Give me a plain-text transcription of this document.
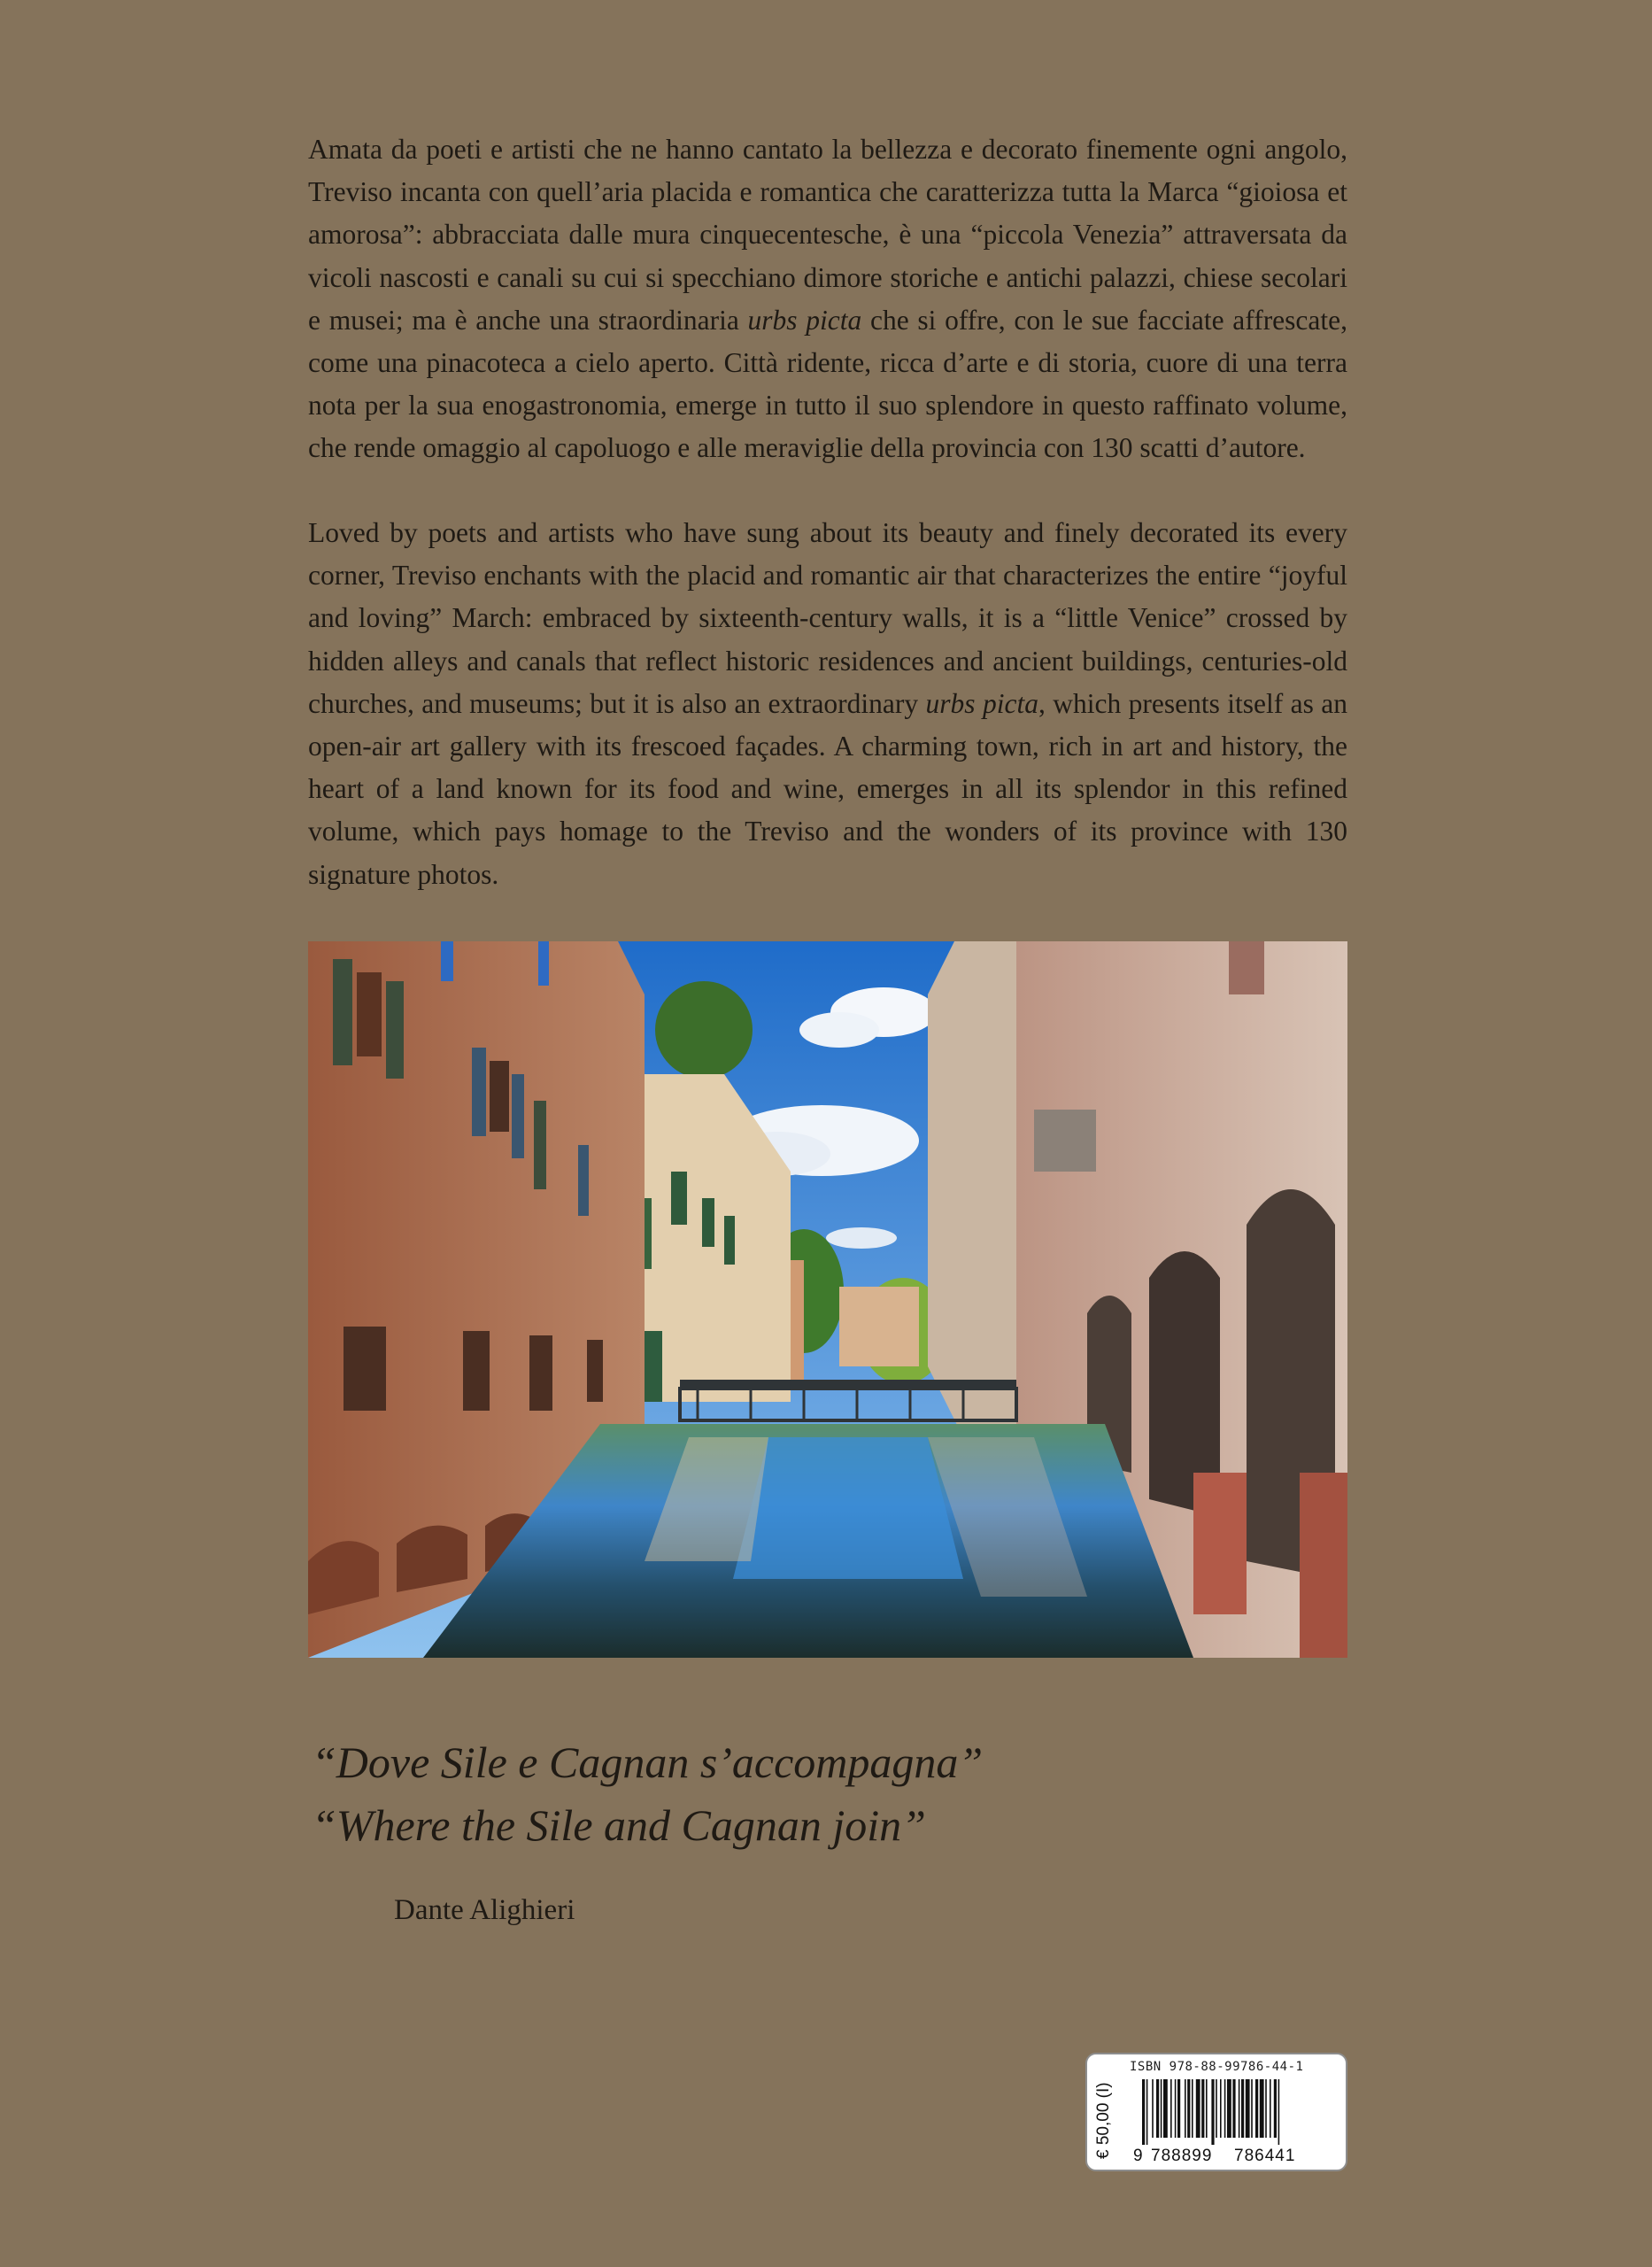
Amata da poeti e artisti che ne hanno cantato la bellezza e decorato finemente ogni angolo, Treviso incanta con quell’aria placida e romantica che caratterizza tutta la Marca “gioiosa et amorosa”: abbracciata dalle mura cinquecentesche, è una “piccola Venezia” attraversata da vicoli nascosti e canali su cui si specchiano dimore storiche e antichi palazzi, chiese secolari e musei; ma è anche una straordinaria urbs picta che si offre, con le sue facciate affrescate, come una pinacoteca a cielo aperto. Città ridente, ricca d’arte e di storia, cuore di una terra nota per la sua enogastronomia, emerge in tutto il suo splendore in questo raffinato volume, che rende omaggio al capoluogo e alle meraviglie della provincia con 130 scatti d’autore.

Loved by poets and artists who have sung about its beauty and finely decorated its every corner, Treviso enchants with the placid and romantic air that characterizes the entire “joyful and loving” March: embraced by sixteenth-century walls, it is a “little Venice” crossed by hidden alleys and canals that reflect historic residences and ancient buildings, centuries-old churches, and museums; but it is also an extraordinary urbs picta, which presents itself as an open-air art gallery with its frescoed façades. A charming town, rich in art and history, the heart of a land known for its food and wine, emerges in all its splendor in this refined volume, which pays homage to the Treviso and the wonders of its province with 130 signature photos.

“Dove Sile e Cagnan s’accompagna”

“Where the Sile and Cagnan join”

Dante Alighieri

€ 50,00 (I)
ISBN 978-88-99786-44-1
9 788899 786441
